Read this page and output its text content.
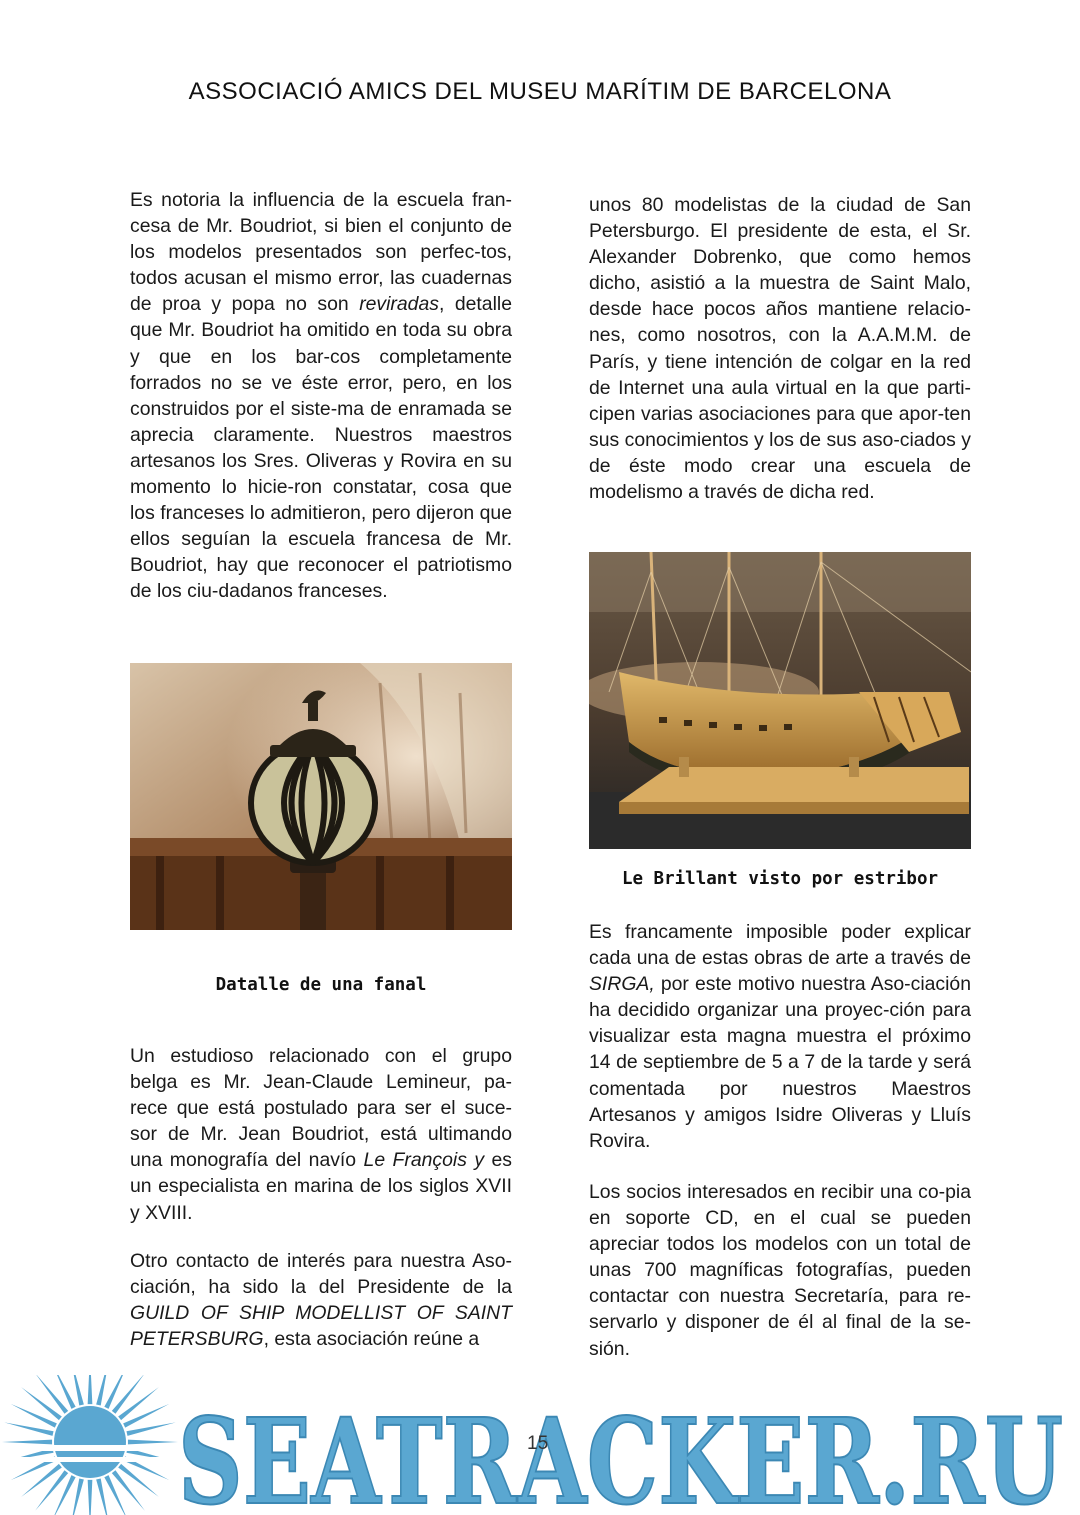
ASSOCIACIÓ AMICS DEL MUSEU MARÍTIM DE BARCELONA

Es notoria la influencia de la escuela fran-cesa de Mr. Boudriot, si bien el conjunto de los modelos presentados son perfec-tos, todos acusan el mismo error, las cuadernas de proa y popa no son reviradas, detalle que Mr. Boudriot ha omitido en toda su obra y que en los bar-cos completamente forrados no se ve éste error, pero, en los construidos por el siste-ma de enramada se aprecia claramente. Nuestros maestros artesanos los Sres. Oliveras y Rovira en su momento lo hicie-ron constatar, cosa que los franceses lo admitieron, pero dijeron que ellos seguían la escuela francesa de Mr. Boudriot, hay que reconocer el patriotismo de los ciu-dadanos franceses.

Datalle de una fanal

Un estudioso relacionado con el grupo belga es Mr. Jean-Claude Lemineur, pa-rece que está postulado para ser el suce-sor de Mr. Jean Boudriot, está ultimando una monografía del navío Le François y es un especialista en marina de los siglos XVII y XVIII.

Otro contacto de interés para nuestra Aso-ciación, ha sido la del Presidente de la GUILD OF SHIP MODELLIST OF SAINT PETERSBURG, esta asociación reúne a

unos 80 modelistas de la ciudad de San Petersburgo. El presidente de esta, el Sr. Alexander Dobrenko, que como hemos dicho, asistió a la muestra de Saint Malo, desde hace pocos años mantiene relacio-nes, como nosotros, con la A.A.M.M. de París, y tiene intención de colgar en la red de Internet una aula virtual en la que parti-cipen varias asociaciones para que apor-ten sus conocimientos y los de sus aso-ciados y de éste modo crear una escuela de modelismo a través de dicha red.

Le Brillant visto por estribor

Es francamente imposible poder explicar cada una de estas obras de arte a través de SIRGA, por este motivo nuestra Aso-ciación ha decidido organizar una proyec-ción para visualizar esta magna muestra el próximo 14 de septiembre de 5 a 7 de la tarde y será comentada por nuestros Maestros Artesanos y amigos Isidre Oliveras y Lluís Rovira.

Los socios interesados en recibir una co-pia en soporte CD, en el cual se pueden apreciar todos los modelos con un total de unas 700 magníficas fotografías, pueden contactar con nuestra Secretaría, para re-servarlo y disponer de él al final de la se-sión.

SEATRACKER.RU
15
